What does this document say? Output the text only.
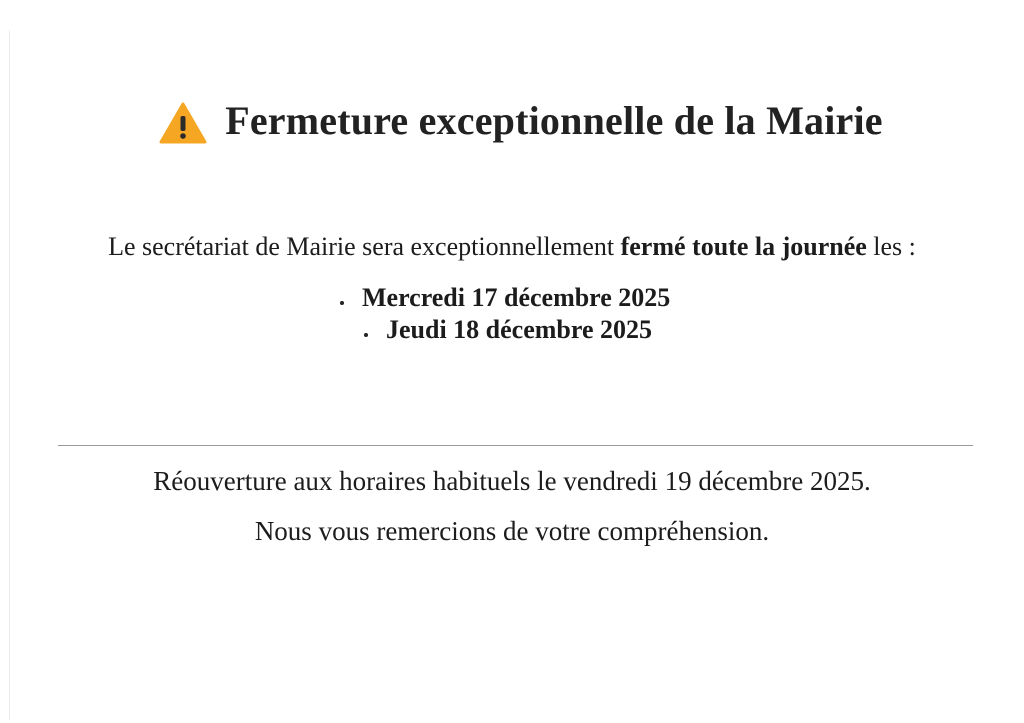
Fermeture exceptionnelle de la Mairie
Le secrétariat de Mairie sera exceptionnellement fermé toute la journée les :
Mercredi 17 décembre 2025
Jeudi 18 décembre 2025
Réouverture aux horaires habituels le vendredi 19 décembre 2025.
Nous vous remercions de votre compréhension.
